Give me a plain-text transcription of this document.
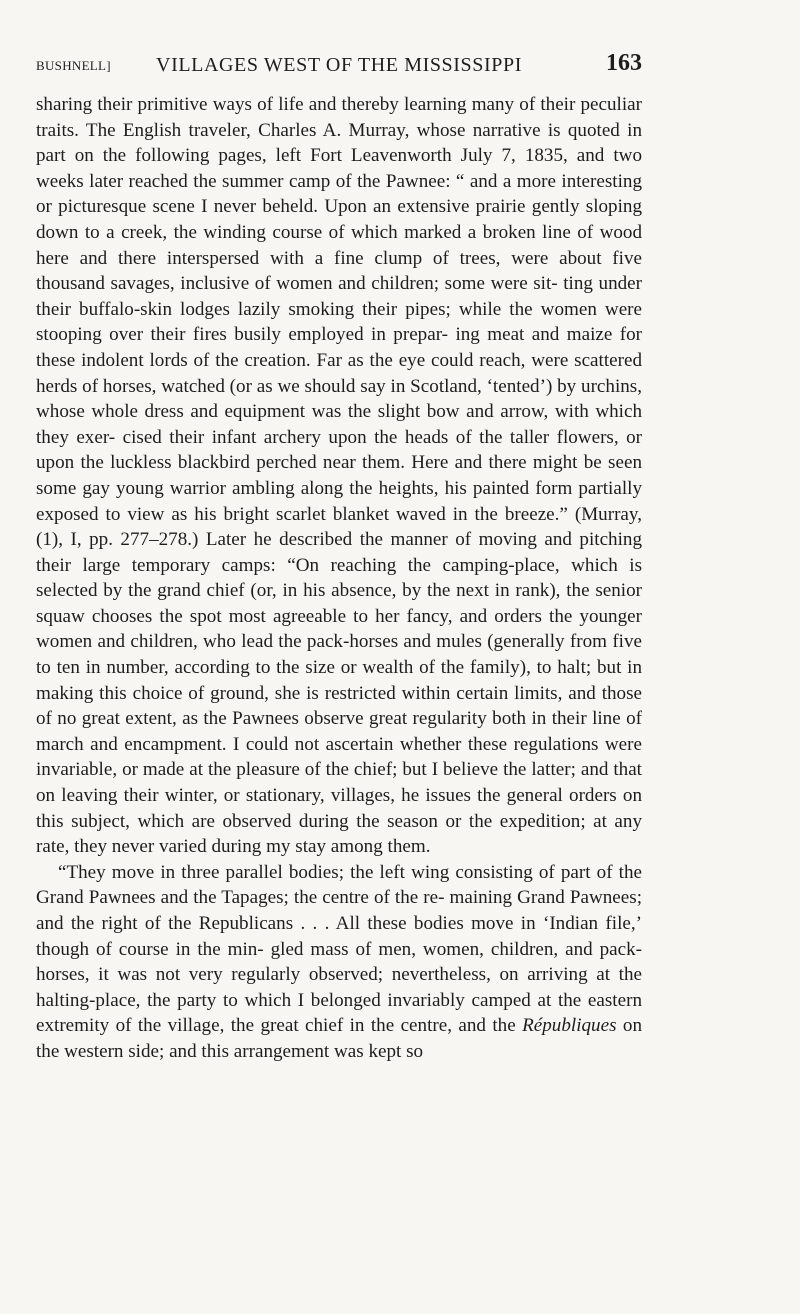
BUSHNELL]	VILLAGES WEST OF THE MISSISSIPPI	163

sharing their primitive ways of life and thereby learning many of their peculiar traits. The English traveler, Charles A. Murray, whose narrative is quoted in part on the following pages, left Fort Leavenworth July 7, 1835, and two weeks later reached the summer camp of the Pawnee: “ and a more interesting or picturesque scene I never beheld. Upon an extensive prairie gently sloping down to a creek, the winding course of which marked a broken line of wood here and there interspersed with a fine clump of trees, were about five thousand savages, inclusive of women and children; some were sit- ting under their buffalo-skin lodges lazily smoking their pipes; while the women were stooping over their fires busily employed in prepar- ing meat and maize for these indolent lords of the creation. Far as the eye could reach, were scattered herds of horses, watched (or as we should say in Scotland, ‘tented’) by urchins, whose whole dress and equipment was the slight bow and arrow, with which they exer- cised their infant archery upon the heads of the taller flowers, or upon the luckless blackbird perched near them. Here and there might be seen some gay young warrior ambling along the heights, his painted form partially exposed to view as his bright scarlet blanket waved in the breeze.” (Murray, (1), I, pp. 277–278.) Later he described the manner of moving and pitching their large temporary camps: “On reaching the camping-place, which is selected by the grand chief (or, in his absence, by the next in rank), the senior squaw chooses the spot most agreeable to her fancy, and orders the younger women and children, who lead the pack-horses and mules (generally from five to ten in number, according to the size or wealth of the family), to halt; but in making this choice of ground, she is restricted within certain limits, and those of no great extent, as the Pawnees observe great regularity both in their line of march and encampment. I could not ascertain whether these regulations were invariable, or made at the pleasure of the chief; but I believe the latter; and that on leaving their winter, or stationary, villages, he issues the general orders on this subject, which are observed during the season or the expedition; at any rate, they never varied during my stay among them.

“They move in three parallel bodies; the left wing consisting of part of the Grand Pawnees and the Tapages; the centre of the re- maining Grand Pawnees; and the right of the Republicans . . . All these bodies move in ‘Indian file,’ though of course in the min- gled mass of men, women, children, and pack-horses, it was not very regularly observed; nevertheless, on arriving at the halting-place, the party to which I belonged invariably camped at the eastern extremity of the village, the great chief in the centre, and the Républiques on the western side; and this arrangement was kept so
